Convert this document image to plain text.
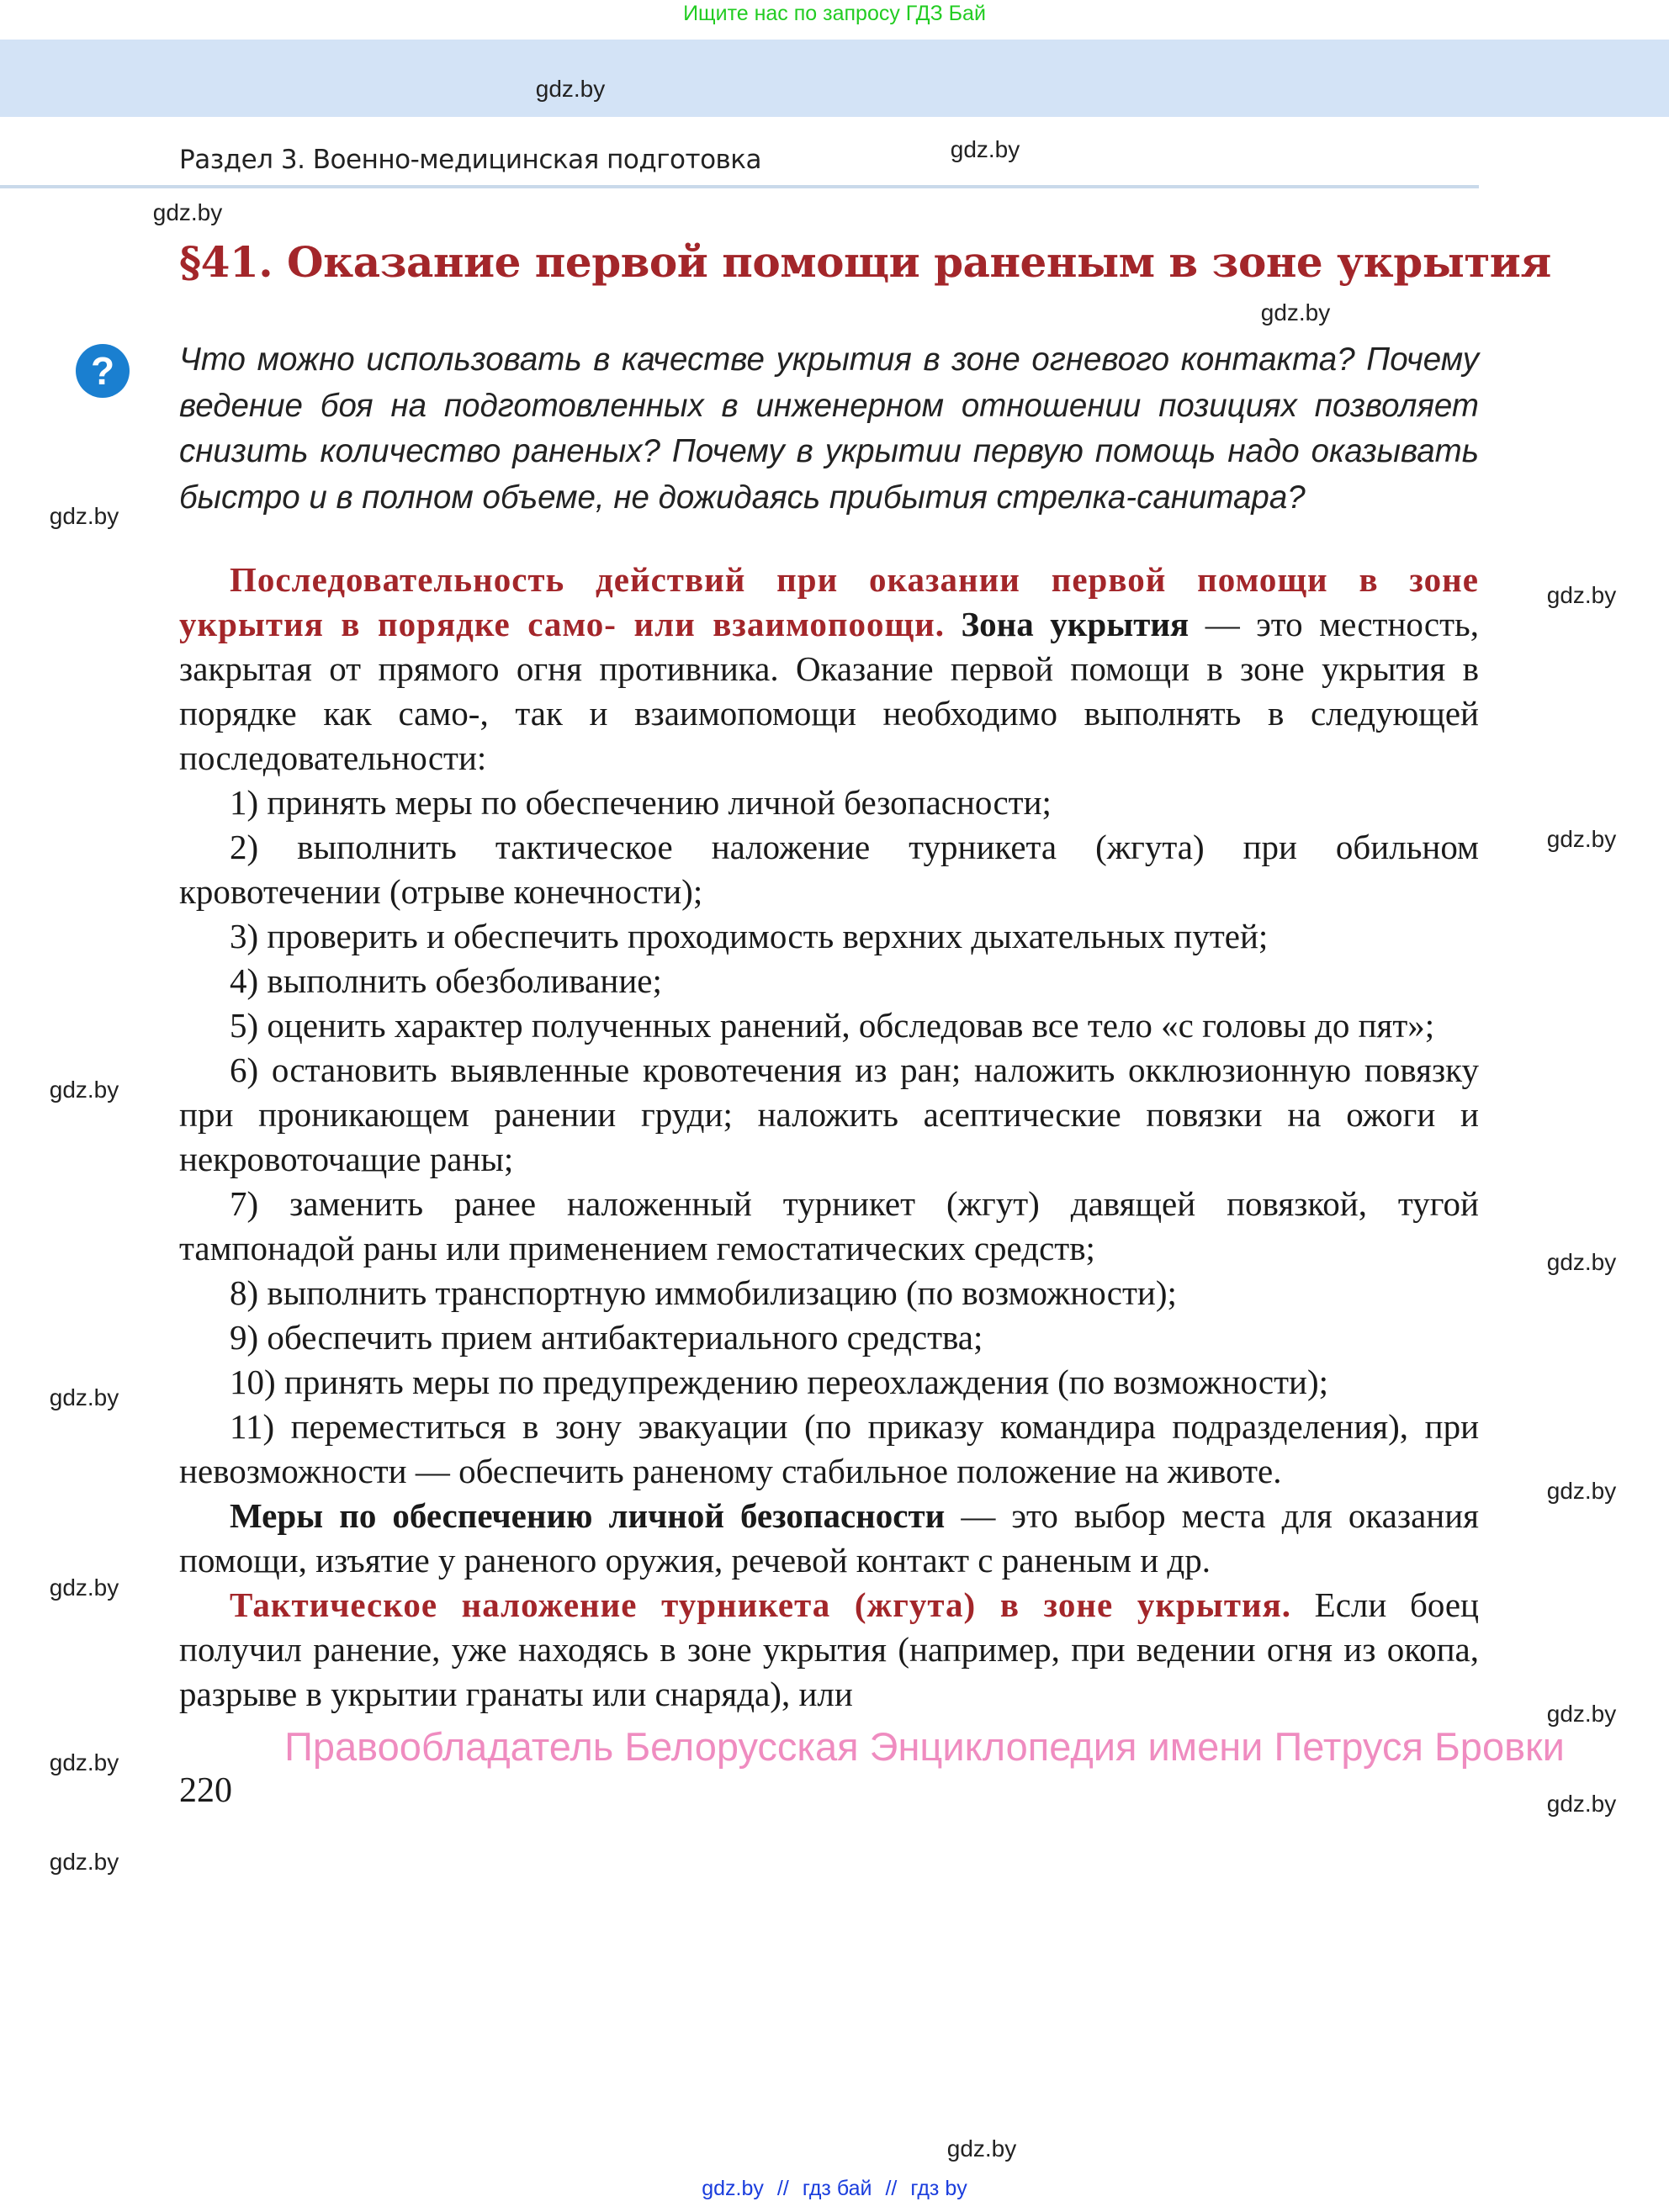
Ищите нас по запросу ГДЗ Бай
Раздел 3. Военно-медицинская подготовка
§41. Оказание первой помощи раненым в зоне укрытия
?	Что можно использовать в качестве укрытия в зоне огневого контакта? Почему ведение боя на подготовленных в инженерном отношении позициях позволяет снизить количество раненых? Почему в укрытии первую помощь надо оказывать быстро и в полном объеме, не дожидаясь прибытия стрелка-санитара?

Последовательность действий при оказании первой помощи в зоне укрытия в порядке само- или взаимопоощи. Зона укрытия — это местность, закрытая от прямого огня противника. Оказание первой помощи в зоне укрытия в порядке как само-, так и взаимопомощи необходимо выполнять в следующей последовательности:

1) принять меры по обеспечению личной безопасности;

2) выполнить тактическое наложение турникета (жгута) при обильном кровотечении (отрыве конечности);

3) проверить и обеспечить проходимость верхних дыхательных путей;

4) выполнить обезболивание;

5) оценить характер полученных ранений, обследовав все тело «с головы до пят»;

6) остановить выявленные кровотечения из ран; наложить окклюзионную повязку при проникающем ранении груди; наложить асептические повязки на ожоги и некровоточащие раны;

7) заменить ранее наложенный турникет (жгут) давящей повязкой, тугой тампонадой раны или применением гемостатических средств;

8) выполнить транспортную иммобилизацию (по возможности);

9) обеспечить прием антибактериального средства;

10) принять меры по предупреждению переохлаждения (по возможности);

11) переместиться в зону эвакуации (по приказу командира подразделения), при невозможности — обеспечить раненому стабильное положение на животе.

Меры по обеспечению личной безопасности — это выбор места для оказания помощи, изъятие у раненого оружия, речевой контакт с раненым и др.

Тактическое наложение турникета (жгута) в зоне укрытия. Если боец получил ранение, уже находясь в зоне укрытия (например, при ведении огня из окопа, разрыве в укрытии гранаты или снаряда), или

Правообладатель Белорусская Энциклопедия имени Петруся Бровки
220
gdz.by
gdz.by
gdz.by
gdz.by
gdz.by
gdz.by
gdz.by
gdz.by
gdz.by
gdz.by
gdz.by
gdz.by
gdz.by
gdz.by
gdz.by
gdz.by
gdz.by
gdz.by // гдз бай // гдз by
